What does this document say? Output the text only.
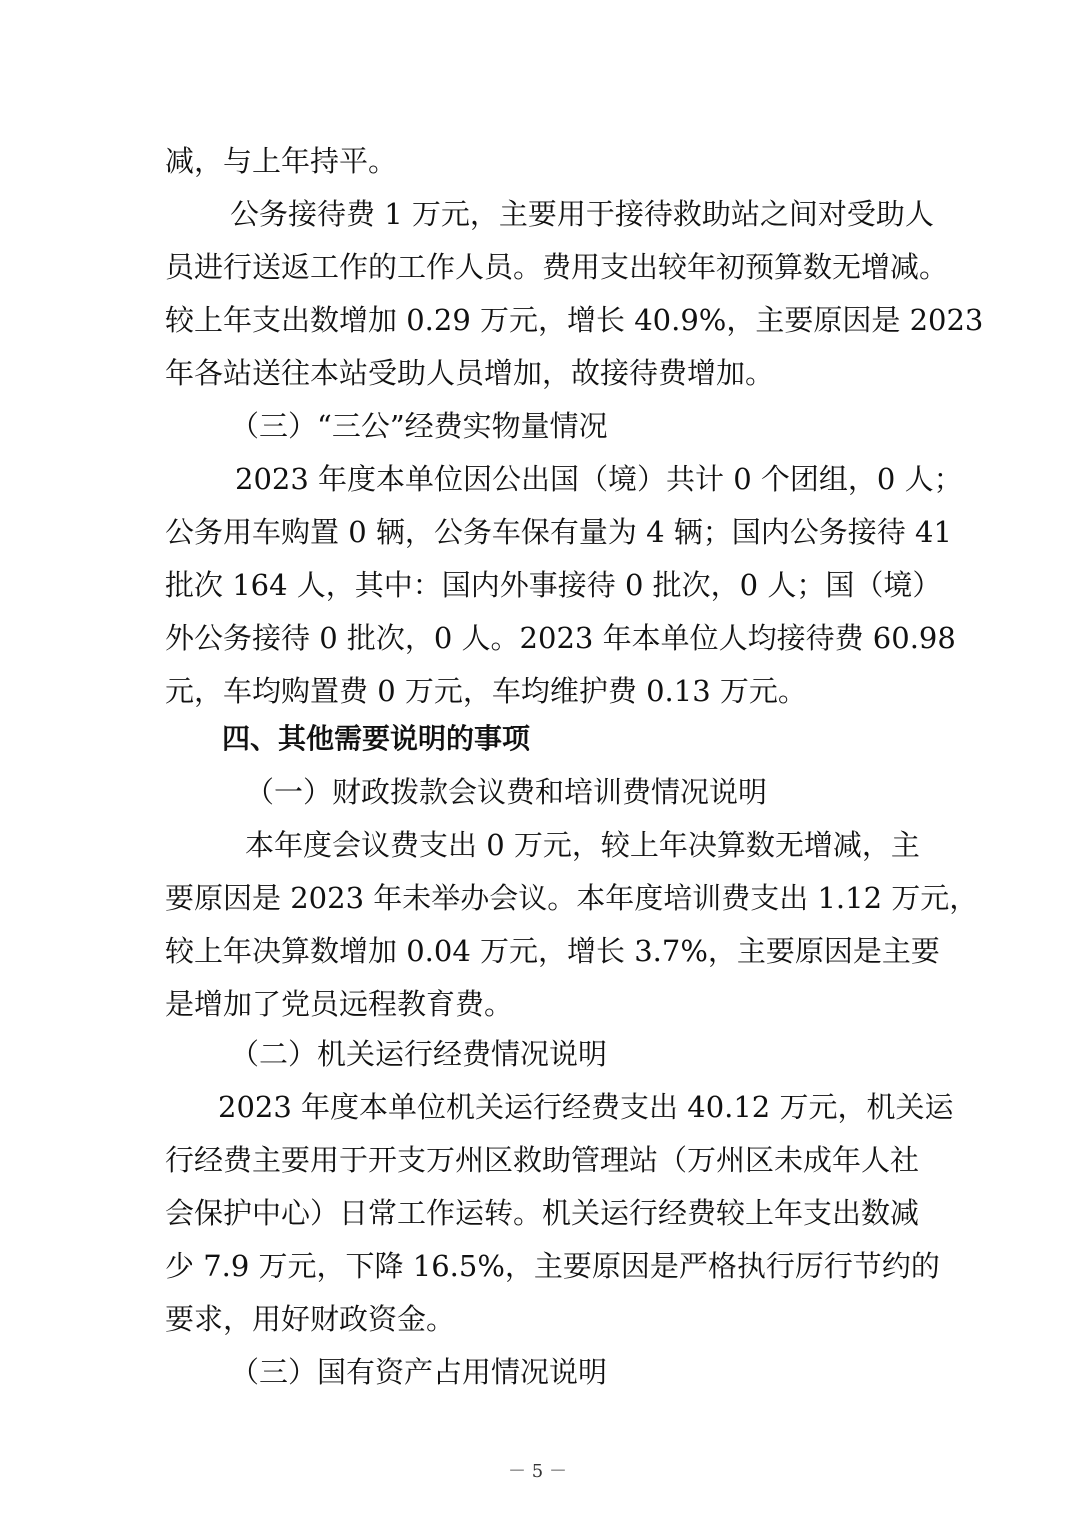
减，与上年持平。
公务接待费 1 万元，主要用于接待救助站之间对受助人
员进行送返工作的工作人员。费用支出较年初预算数无增减。
较上年支出数增加 0.29 万元，增长 40.9%，主要原因是 2023
年各站送往本站受助人员增加，故接待费增加。
（三）“三公”经费实物量情况
2023 年度本单位因公出国（境）共计 0 个团组，0 人；
公务用车购置 0 辆，公务车保有量为 4 辆；国内公务接待 41
批次 164 人，其中：国内外事接待 0 批次，0 人；国（境）
外公务接待 0 批次，0 人。2023 年本单位人均接待费 60.98
元，车均购置费 0 万元，车均维护费 0.13 万元。
四、其他需要说明的事项
（一）财政拨款会议费和培训费情况说明
本年度会议费支出 0 万元，较上年决算数无增减，主
要原因是 2023 年未举办会议。本年度培训费支出 1.12 万元，
较上年决算数增加 0.04 万元，增长 3.7%，主要原因是主要
是增加了党员远程教育费。
（二）机关运行经费情况说明
2023 年度本单位机关运行经费支出 40.12 万元，机关运
行经费主要用于开支万州区救助管理站（万州区未成年人社
会保护中心）日常工作运转。机关运行经费较上年支出数减
少 7.9 万元，下降 16.5%，主要原因是严格执行厉行节约的
要求，用好财政资金。
（三）国有资产占用情况说明
－ 5 －
